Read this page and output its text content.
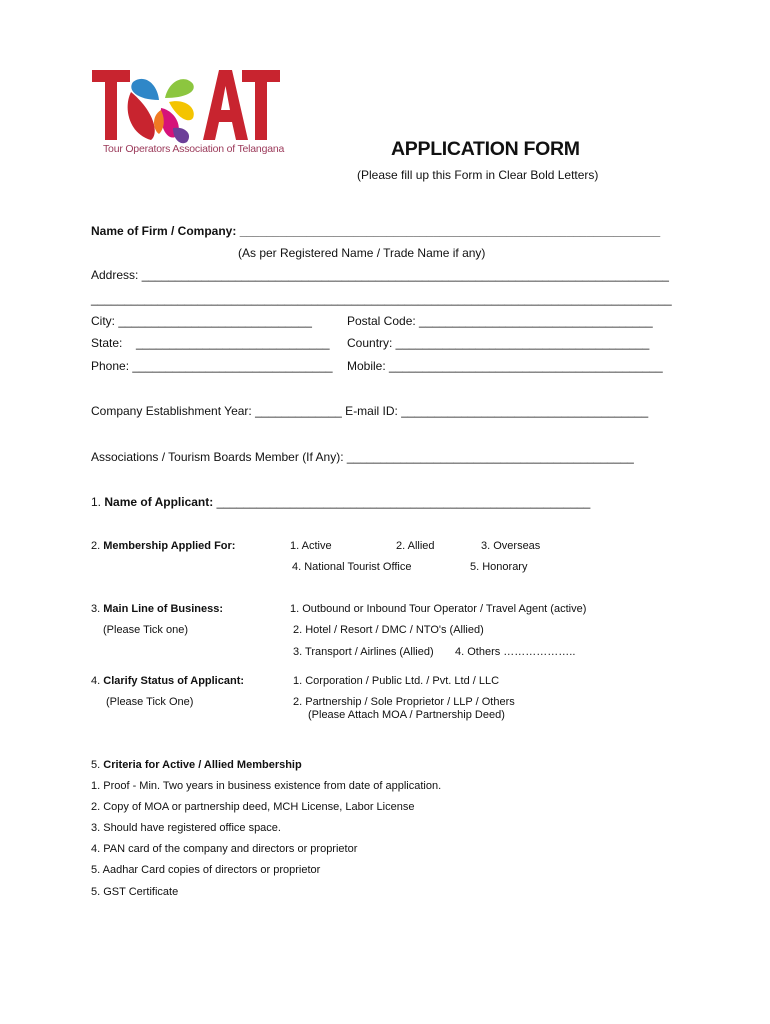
Tour Operators Association of Telangana	APPLICATION FORM
(Please fill up this Form in Clear Bold Letters)
Name of Firm / Company: _______________________________________________________________
(As per Registered Name / Trade Name if any)
Address: _______________________________________________________________________________
_______________________________________________________________________________________
City: _____________________________	Postal Code: ___________________________________
State: _____________________________ Country: ______________________________________
Phone: ______________________________ Mobile: _________________________________________
Company Establishment Year: _____________ E-mail ID: _____________________________________
Associations / Tourism Boards Member (If Any): ___________________________________________
1. Name of Applicant: ________________________________________________________
2. Membership Applied For:	1. Active	2. Allied	3. Overseas
4. National Tourist Office	5. Honorary
3. Main Line of Business:
(Please Tick one)
1. Outbound or Inbound Tour Operator / Travel Agent (active)
2. Hotel / Resort / DMC / NTO's (Allied)
3. Transport / Airlines (Allied) 4. Others ………………..
4. Clarify Status of Applicant:
(Please Tick One)
1. Corporation / Public Ltd. / Pvt. Ltd / LLC
2. Partnership / Sole Proprietor / LLP / Others
(Please Attach MOA / Partnership Deed)
5. Criteria for Active / Allied Membership
1. Proof - Min. Two years in business existence from date of application.
2. Copy of MOA or partnership deed, MCH License, Labor License
3. Should have registered office space.
4. PAN card of the company and directors or proprietor
5. Aadhar Card copies of directors or proprietor
5. GST Certificate
